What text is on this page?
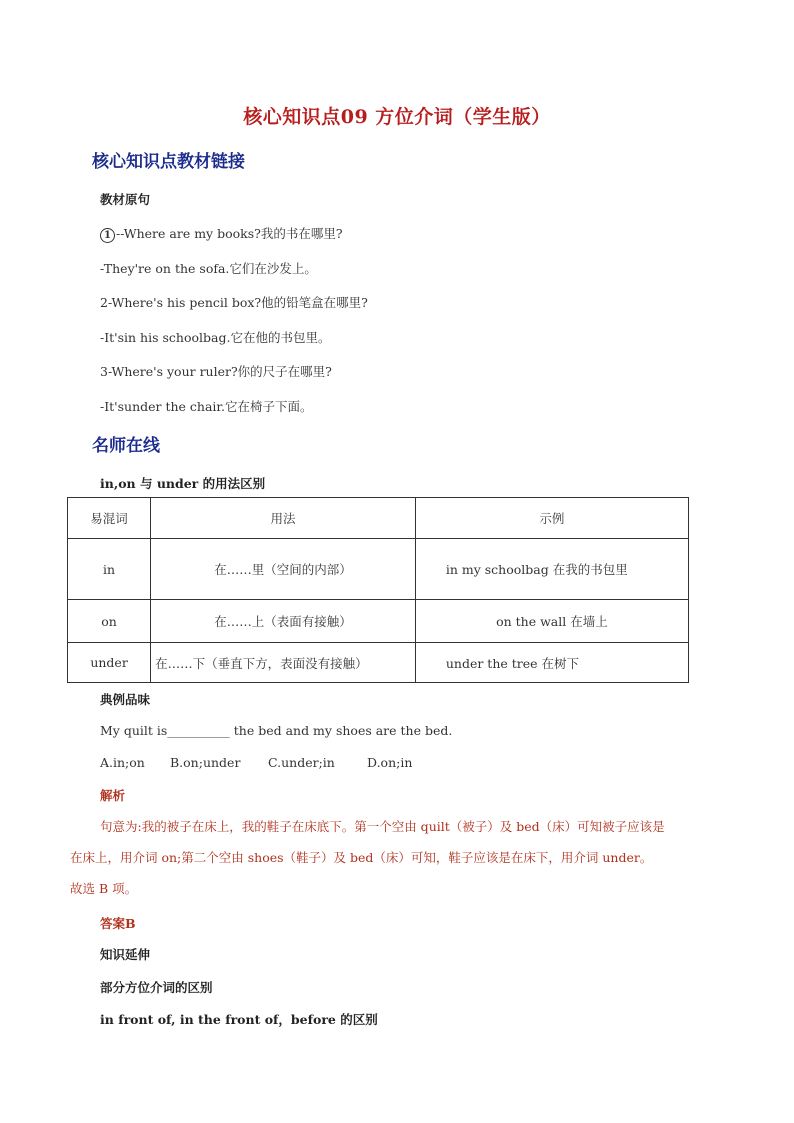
核心知识点09 方位介词（学生版）
核心知识点教材链接
教材原句
1 --Where are my books?我的书在哪里?
-They're on the sofa.它们在沙发上。
2-Where's his pencil box?他的铅笔盒在哪里?
-It'sin his schoolbag.它在他的书包里。
3-Where's your ruler?你的尺子在哪里?
-It'sunder the chair.它在椅子下面。
名师在线
in,on 与 under 的用法区别
易混词	用法	示例
in	在……里（空间的内部）	in my schoolbag 在我的书包里
on	在……上（表面有接触）	on the wall 在墙上
under	在……下（垂直下方，表面没有接触）	under the tree 在树下
典例品味
My quilt is__________ the bed and my shoes are the bed.
A.in;on B.on;under C.under;in	D.on;in
解析
句意为:我的被子在床上，我的鞋子在床底下。第一个空由 quilt（被子）及 bed（床）可知被子应该是
在床上，用介词 on;第二个空由 shoes（鞋子）及 bed（床）可知，鞋子应该是在床下，用介词 under。
故选 B 项。
答案B
知识延伸
部分方位介词的区别
in front of, in the front of，before 的区别
